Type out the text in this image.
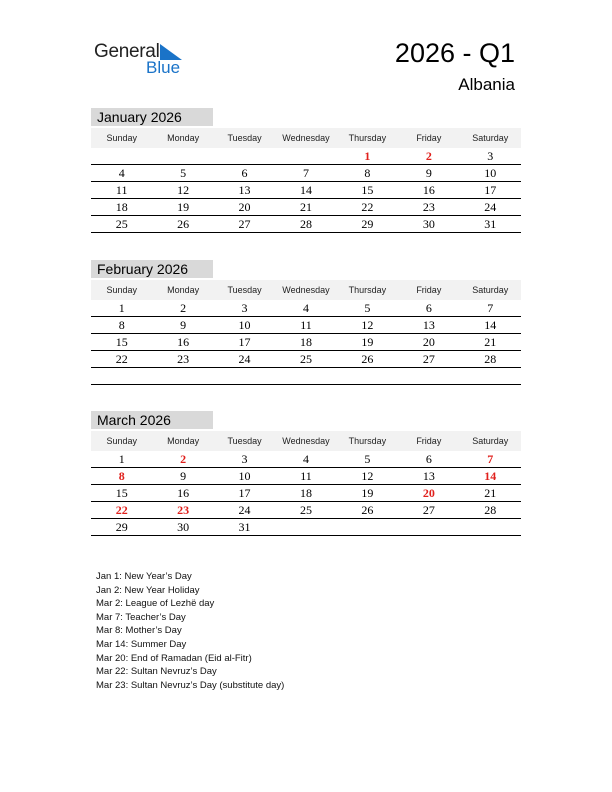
General
Blue	2026 - Q1
Albania
January 2026
Sunday	Monday	Tuesday	Wednesday	Thursday	Friday	Saturday
				1	2	3
4	5	6	7	8	9	10
11	12	13	14	15	16	17
18	19	20	21	22	23	24
25	26	27	28	29	30	31
February 2026
Sunday	Monday	Tuesday	Wednesday	Thursday	Friday	Saturday
1	2	3	4	5	6	7
8	9	10	11	12	13	14
15	16	17	18	19	20	21
22	23	24	25	26	27	28

March 2026
Sunday	Monday	Tuesday	Wednesday	Thursday	Friday	Saturday
1	2	3	4	5	6	7
8	9	10	11	12	13	14
15	16	17	18	19	20	21
22	23	24	25	26	27	28
29	30	31				
Jan 1: New Year’s Day
Jan 2: New Year Holiday
Mar 2: League of Lezhë day
Mar 7: Teacher’s Day
Mar 8: Mother’s Day
Mar 14: Summer Day
Mar 20: End of Ramadan (Eid al-Fitr)
Mar 22: Sultan Nevruz’s Day
Mar 23: Sultan Nevruz’s Day (substitute day)
